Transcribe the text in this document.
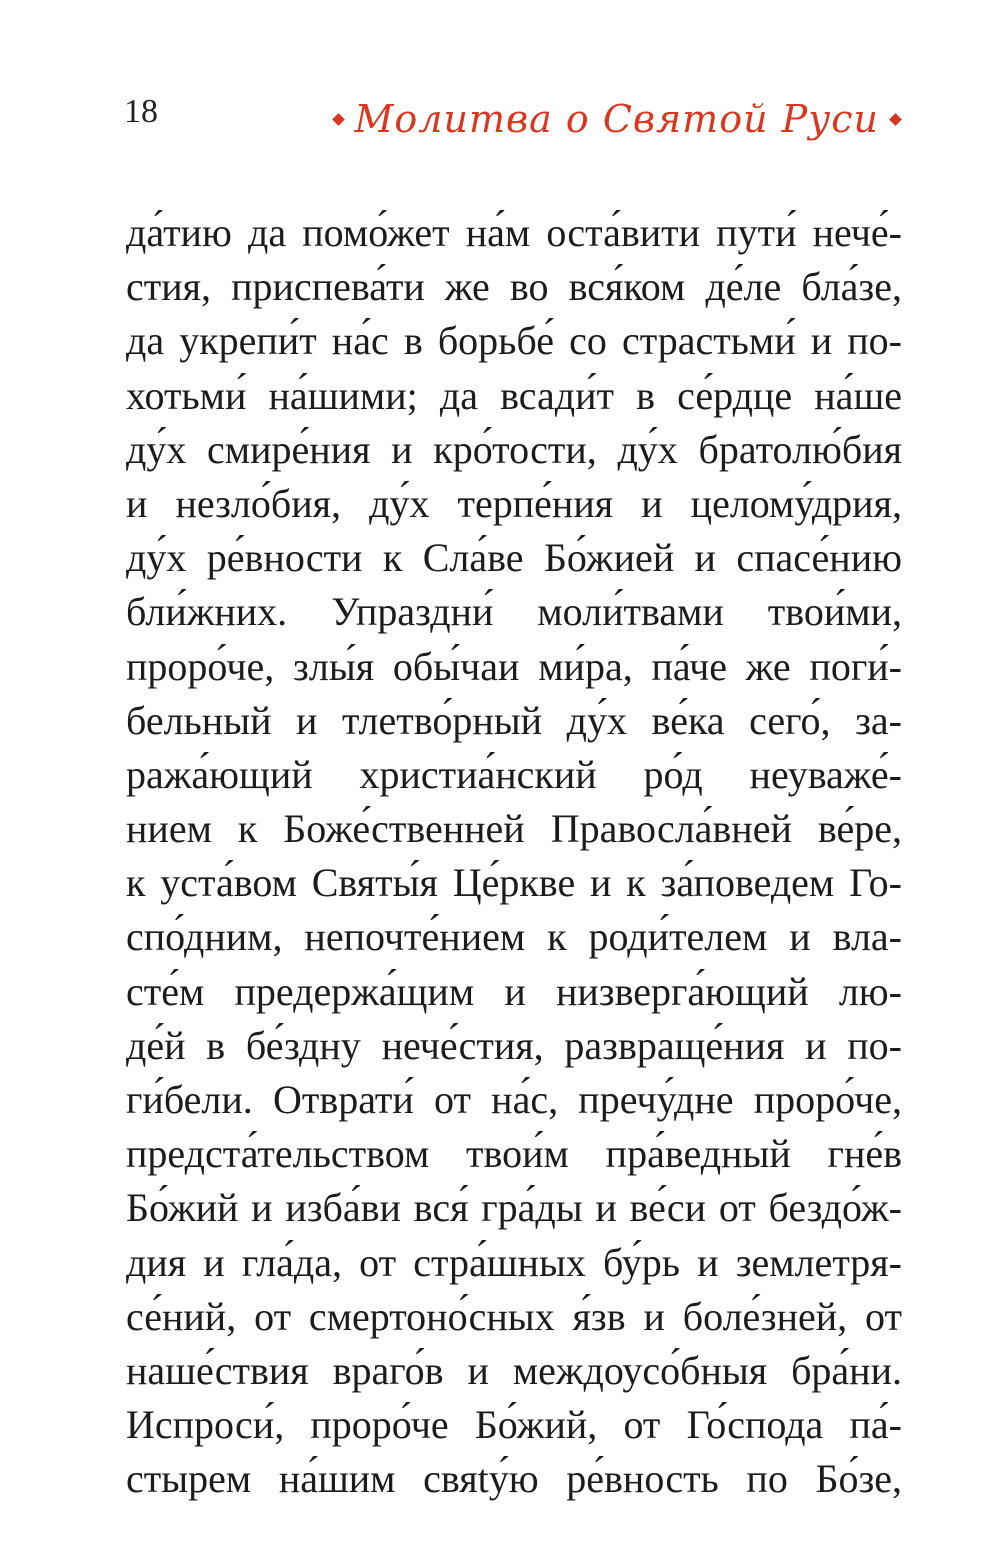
18	Молитва о Святой Руси
да́тию да помо́жет на́м оста́вити пути́ нече́-
стия, приспева́ти же во вся́ком де́ле бла́зе,
да укрепи́т на́с в борьбе́ со страстьми́ и по-
хотьми́ на́шими; да всади́т в се́рдце на́ше
ду́х смире́ния и кро́тости, ду́х братолю́бия
и незло́бия, ду́х терпе́ния и целому́дрия,
ду́х ре́вности к Сла́ве Бо́жией и спасе́нию
бли́жних. Упраздни́ моли́твами твои́ми,
проро́че, злы́я обы́чаи ми́ра, па́че же поги́-
бельный и тлетво́рный ду́х ве́ка сего́, за-
ража́ющий христиа́нский ро́д неуваже́-
нием к Боже́ственней Правосла́вней ве́ре,
к уста́вом Святы́я Це́ркве и к за́поведем Го-
спо́дним, непочте́нием к роди́телем и вла-
сте́м предержа́щим и низверга́ющий лю-
де́й в бе́здну нече́стия, развраще́ния и по-
ги́бели. Отврати́ от на́с, пречу́дне проро́че,
предста́тельством твои́м пра́ведный гне́в
Бо́жий и изба́ви вся́ гра́ды и ве́си от бездо́ж-
дия и гла́да, от стра́шных бу́рь и землетря-
се́ний, от смертоно́сных я́зв и боле́зней, от
наше́ствия враго́в и междоусо́бныя бра́ни.
Испроси́, проро́че Бо́жий, от Го́спода па́-
стырем на́шим свяtу́ю ре́вность по Бо́зе,
